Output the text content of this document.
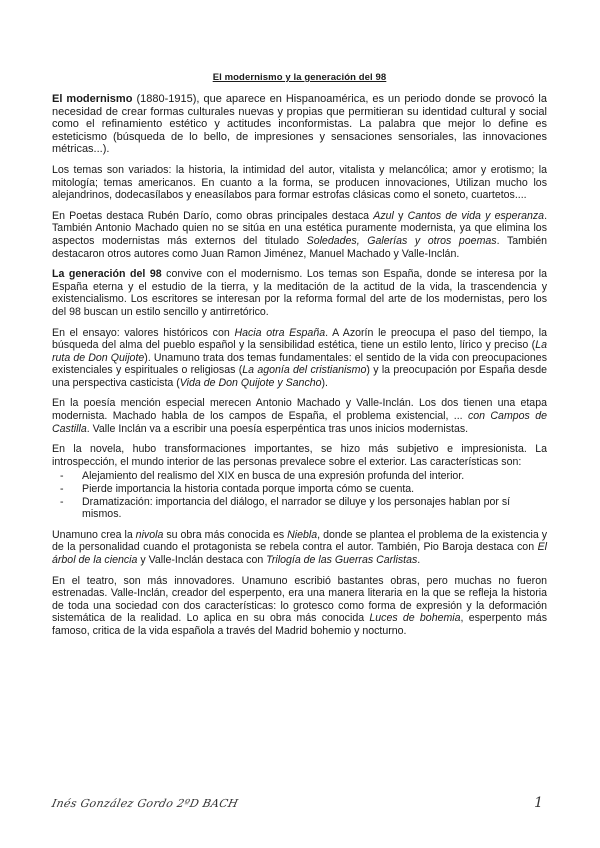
El modernismo y la generación del 98

El modernismo (1880-1915), que aparece en Hispanoamérica, es un periodo donde se provocó la necesidad de crear formas culturales nuevas y propias que permitieran su identidad cultural y social como el refinamiento estético y actitudes inconformistas. La palabra que mejor lo define es esteticismo (búsqueda de lo bello, de impresiones y sensaciones sensoriales, las innovaciones métricas...).

Los temas son variados: la historia, la intimidad del autor, vitalista y melancólica; amor y erotismo; la mitología; temas americanos. En cuanto a la forma, se producen innovaciones, Utilizan mucho los alejandrinos, dodecasílabos y eneasílabos para formar estrofas clásicas como el soneto, cuartetos....

En Poetas destaca Rubén Darío, como obras principales destaca Azul y Cantos de vida y esperanza. También Antonio Machado quien no se sitúa en una estética puramente modernista, ya que elimina los aspectos modernistas más externos del titulado Soledades, Galerías y otros poemas. También destacaron otros autores como Juan Ramon Jiménez, Manuel Machado y Valle-Inclán.

La generación del 98 convive con el modernismo. Los temas son España, donde se interesa por la España eterna y el estudio de la tierra, y la meditación de la actitud de la vida, la trascendencia y existencialismo. Los escritores se interesan por la reforma formal del arte de los modernistas, pero los del 98 buscan un estilo sencillo y antirretórico.

En el ensayo: valores históricos con Hacia otra España. A Azorín le preocupa el paso del tiempo, la búsqueda del alma del pueblo español y la sensibilidad estética, tiene un estilo lento, lírico y preciso (La ruta de Don Quijote). Unamuno trata dos temas fundamentales: el sentido de la vida con preocupaciones existenciales y espirituales o religiosas (La agonía del cristianismo) y la preocupación por España desde una perspectiva casticista (Vida de Don Quijote y Sancho).

En la poesía mención especial merecen Antonio Machado y Valle-Inclán. Los dos tienen una etapa modernista. Machado habla de los campos de España, el problema existencial, ... con Campos de Castilla. Valle Inclán va a escribir una poesía esperpéntica tras unos inicios modernistas.

En la novela, hubo transformaciones importantes, se hizo más subjetivo e impresionista. La introspección, el mundo interior de las personas prevalece sobre el exterior. Las características son:

- Alejamiento del realismo del XIX en busca de una expresión profunda del interior.
- Pierde importancia la historia contada porque importa cómo se cuenta.
- Dramatización: importancia del diálogo, el narrador se diluye y los personajes hablan por sí mismos.

Unamuno crea la nivola su obra más conocida es Niebla, donde se plantea el problema de la existencia y de la personalidad cuando el protagonista se rebela contra el autor. También, Pio Baroja destaca con El árbol de la ciencia y Valle-Inclán destaca con Trilogía de las Guerras Carlistas.

En el teatro, son más innovadores. Unamuno escribió bastantes obras, pero muchas no fueron estrenadas. Valle-Inclán, creador del esperpento, era una manera literaria en la que se refleja la historia de toda una sociedad con dos características: lo grotesco como forma de expresión y la deformación sistemática de la realidad. Lo aplica en su obra más conocida Luces de bohemia, esperpento más famoso, critica de la vida española a través del Madrid bohemio y nocturno.

Inés González Gordo 2ºD BACH	1
